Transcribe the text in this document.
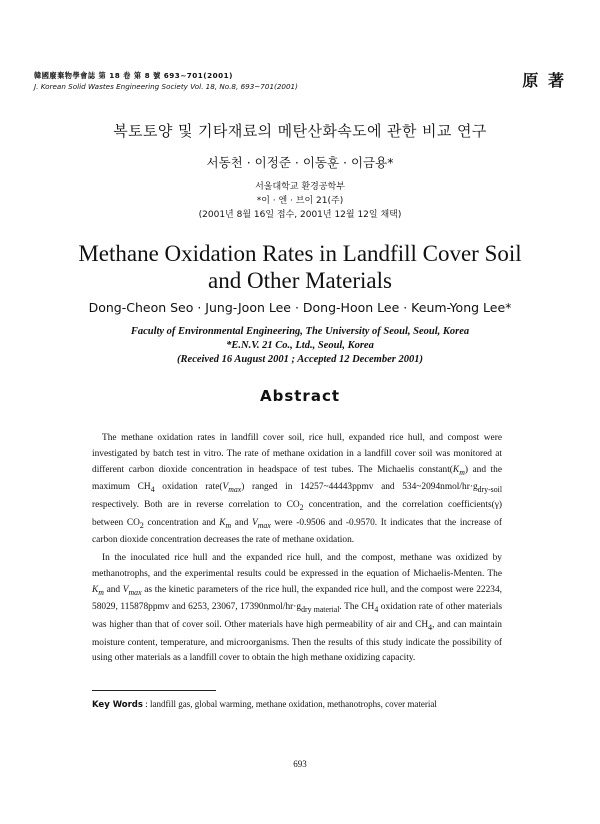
韓國廢棄物學會誌 第 18 卷 第 8 號 693~701(2001)
J. Korean Solid Wastes Engineering Society Vol. 18, No.8, 693~701(2001)	原 著
복토토양 및 기타재료의 메탄산화속도에 관한 비교 연구
서동천 · 이정준 · 이동훈 · 이금용*
서울대학교 환경공학부
*이 · 엔 · 브이 21(주)
(2001년 8월 16일 접수, 2001년 12월 12일 채택)
Methane Oxidation Rates in Landfill Cover Soil
and Other Materials
Dong-Cheon Seo · Jung-Joon Lee · Dong-Hoon Lee · Keum-Yong Lee*
Faculty of Environmental Engineering, The University of Seoul, Seoul, Korea
*E.N.V. 21 Co., Ltd., Seoul, Korea
(Received 16 August 2001 ; Accepted 12 December 2001)
Abstract

The methane oxidation rates in landfill cover soil, rice hull, expanded rice hull, and compost were investigated by batch test in vitro. The rate of methane oxidation in a landfill cover soil was monitored at different carbon dioxide concentration in headspace of test tubes. The Michaelis $constant(K_m)$ and the maximum $CH_4$ oxidation $rate(V_{max})$ ranged in 14257~44443ppmv and $534\sim 2094nmol/hr\cdot g_{dry-soil}$ respectively. Both are in reverse correlation to $CO_2$ concentration, and the correlation coefficients(γ) between $CO_2$ concentration and $K_m$ and $V_{max}$ were -0.9506 and -0.9570. It indicates that the increase of carbon dioxide concentration decreases the rate of methane oxidation.

In the inoculated rice hull and the expanded rice hull, and the compost, methane was oxidized by methanotrophs, and the experimental results could be expressed in the equation of Michaelis-Menten. The $K_m$ and $V_{max}$ as the kinetic parameters of the rice hull, the expanded rice hull, and the compost were 22234, 58029, 115878ppmv and 6253, 23067, $17390nmol/hr\cdot g_{dry material}$. The $CH_4$ oxidation rate of other materials was higher than that of cover soil. Other materials have high permeability of air and $CH_4$, and can maintain moisture content, temperature, and microorganisms. Then the results of this study indicate the possibility of using other materials as a landfill cover to obtain the high methane oxidizing capacity.

Key Words : landfill gas, global warming, methane oxidation, methanotrophs, cover material
693
